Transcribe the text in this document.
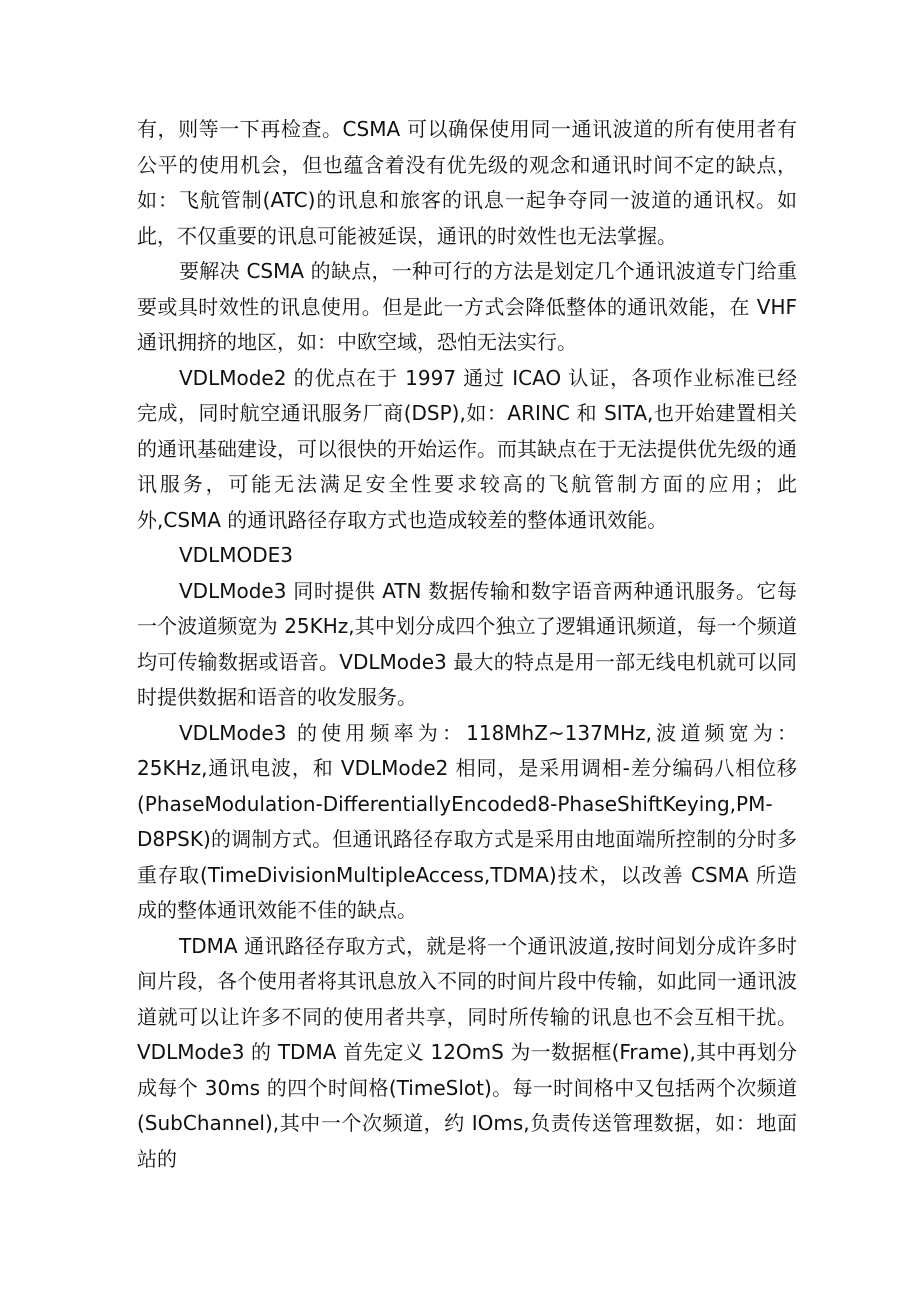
有，则等一下再检查。CSMA 可以确保使用同一通讯波道的所有使用者有公平的使用机会，但也蕴含着没有优先级的观念和通讯时间不定的缺点，如：飞航管制(ATC)的讯息和旅客的讯息一起争夺同一波道的通讯权。如此，不仅重要的讯息可能被延误，通讯的时效性也无法掌握。

要解决 CSMA 的缺点，一种可行的方法是划定几个通讯波道专门给重要或具时效性的讯息使用。但是此一方式会降低整体的通讯效能，在 VHF 通讯拥挤的地区，如：中欧空域，恐怕无法实行。

VDLMode2 的优点在于 1997 通过 ICAO 认证，各项作业标准已经完成，同时航空通讯服务厂商(DSP),如：ARINC 和 SITA,也开始建置相关的通讯基础建设，可以很快的开始运作。而其缺点在于无法提供优先级的通讯服务，可能无法满足安全性要求较高的飞航管制方面的应用；此外,CSMA 的通讯路径存取方式也造成较差的整体通讯效能。

VDLMODE3

VDLMode3 同时提供 ATN 数据传输和数字语音两种通讯服务。它每一个波道频宽为 25KHz,其中划分成四个独立了逻辑通讯频道，每一个频道均可传输数据或语音。VDLMode3 最大的特点是用一部无线电机就可以同时提供数据和语音的收发服务。

VDLMode3 的使用频率为：118MhZ~137MHz,波道频宽为：25KHz,通讯电波，和 VDLMode2 相同，是采用调相-差分编码八相位移(PhaseModulation-DifferentiallyEncoded8-PhaseShiftKeying,PM-D8PSK)的调制方式。但通讯路径存取方式是采用由地面端所控制的分时多重存取(TimeDivisionMultipleAccess,TDMA)技术，以改善 CSMA 所造成的整体通讯效能不佳的缺点。

TDMA 通讯路径存取方式，就是将一个通讯波道,按时间划分成许多时间片段，各个使用者将其讯息放入不同的时间片段中传输，如此同一通讯波道就可以让许多不同的使用者共享，同时所传输的讯息也不会互相干扰。VDLMode3 的 TDMA 首先定义 12OmS 为一数据框(Frame),其中再划分成每个 30ms 的四个时间格(TimeSlot)。每一时间格中又包括两个次频道(SubChannel),其中一个次频道，约 IOms,负责传送管理数据，如：地面站的
